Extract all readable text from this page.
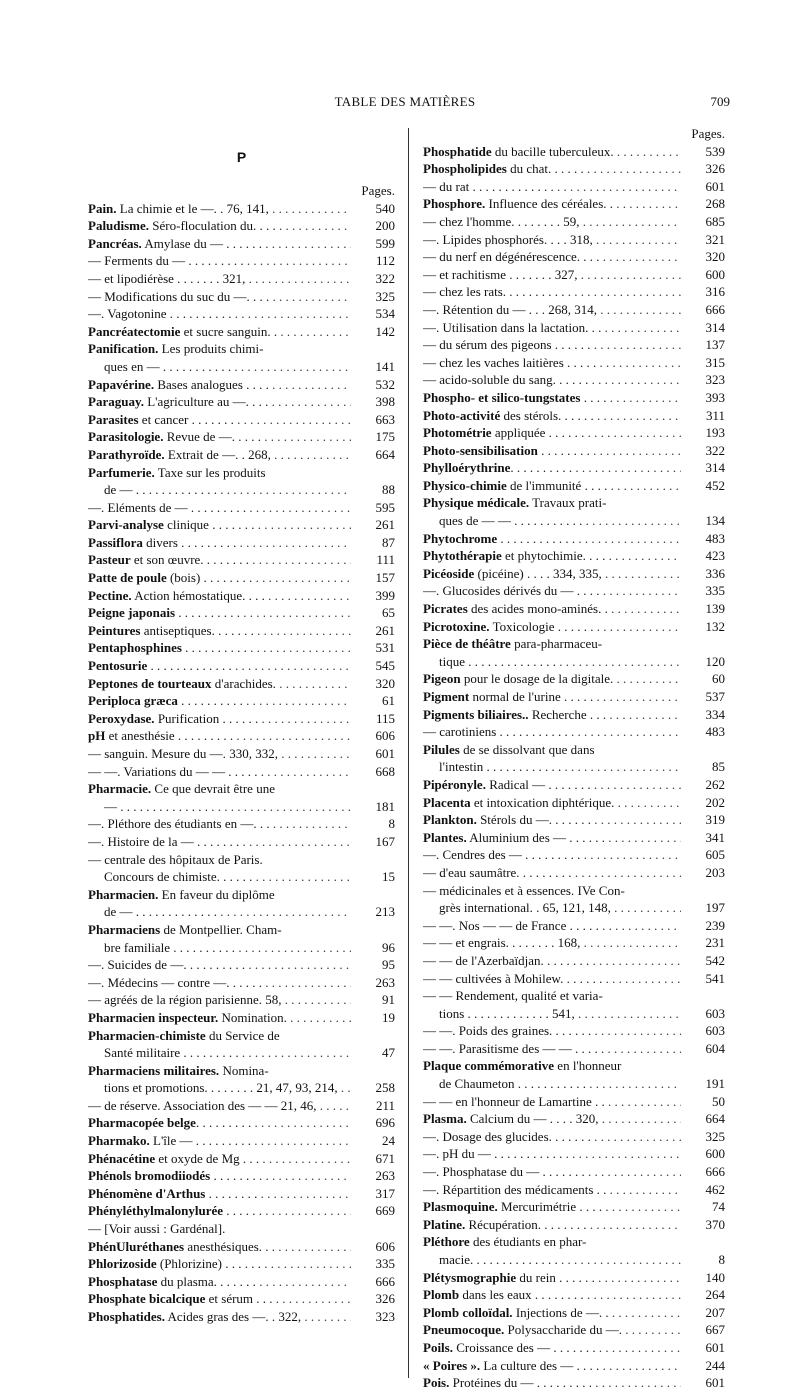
TABLE DES MATIÈRES	709
P
Pages.
Pain. La chimie et le —. . 76, 141, . . .	540
Paludisme. Séro-floculation du. . . . . . .	200
Pancréas. Amylase du — . . . . . . . . .	599
— Ferments du — . . . . . . . . . . . .	112
— et lipodiérèse . . . . . . . 321, . . .	322
— Modifications du suc du —. . . . . . .	325
—. Vagotonine . . . . . . . . . . . . .	534
Pancréatectomie et sucre sanguin. . . . .	142
Panification. Les produits chimi-
ques en — . . . . . . . . . . . . . .	141
Papavérine. Bases analogues . . . . . . .	532
Paraguay. L'agriculture au —. . . . . . .	398
Parasites et cancer . . . . . . . . . .	663
Parasitologie. Revue de —. . . . . . . .	175
Parathyroïde. Extrait de —. . 268, . . .	664
Parfumerie. Taxe sur les produits
de — . . . . . . . . . . . . . . . .	88
—. Eléments de — . . . . . . . . . . . .	595
Parvi-analyse clinique . . . . . . . . . .	261
Passiflora divers . . . . . . . . . . . .	87
Pasteur et son œuvre. . . . . . . . . . .	111
Patte de poule (bois) . . . . . . . . . . .	157
Pectine. Action hémostatique. . . . . . .	399
Peigne japonais . . . . . . . . . . . . .	65
Peintures antiseptiques. . . . . . . . . .	261
Pentaphosphines . . . . . . . . . . . . .	531
Pentosurie . . . . . . . . . . . . . . . .	545
Peptones de tourteaux d'arachides. . . .	320
Periploca græca . . . . . . . . . . . . .	61
Peroxydase. Purification . . . . . . . . .	115
pH et anesthésie . . . . . . . . . . . .	606
— sanguin. Mesure du —. 330, 332, . . .	601
— —. Variations du — — . . . . . . . .	668
Pharmacie. Ce que devrait être une
— . . . . . . . . . . . . . . . . .	181
—. Pléthore des étudiants en —. . . . . .	8
—. Histoire de la — . . . . . . . . . .	167
— centrale des hôpitaux de Paris.
Concours de chimiste. . . . . . . . .	15
Pharmacien. En faveur du diplôme
de — . . . . . . . . . . . . . . . .	213
Pharmaciens de Montpellier. Cham-
bre familiale . . . . . . . . . . . . .	96
—. Suicides de —. . . . . . . . . . . . .	95
—. Médecins — contre —. . . . . . . . .	263
— agréés de la région parisienne. 58, . . .	91
Pharmacien inspecteur. Nomination. . . .	19
Pharmacien-chimiste du Service de
Santé militaire . . . . . . . . . . . .	47
Pharmaciens militaires. Nomina-
tions et promotions. . . . . . . . 21, 47, 93, 214, . . .	258
— de réserve. Association des — — 21, 46, . . .	211
Pharmacopée belge. . . . . . . . . . . .	696
Pharmako. L'île — . . . . . . . . . . . .	24
Phénacétine et oxyde de Mg . . . . . .	671
Phénols bromodiiodés . . . . . . . . . .	263
Phénomène d'Arthus . . . . . . . . . . .	317
Phényléthylmalonylurée . . . . . . . . .	669
— [Voir aussi : Gardénal].
PhénUluréthanes anesthésiques. . . . . .	606
Phlorizoside (Phlorizine) . . . . . . . . .	335
Phosphatase du plasma. . . . . . . . . .	666
Phosphate bicalcique et sérum . . . . . .	326
Phosphatides. Acides gras des —. . 322, . . .	323
Pages.
Phosphatide du bacille tuberculeux. . . .	539
Phospholipides du chat. . . . . . . . .	326
— du rat . . . . . . . . . . . . . . . .	601
Phosphore. Influence des céréales. . . . .	268
— chez l'homme. . . . . . . . 59, . . .	685
—. Lipides phosphorés. . . . 318, . . .	321
— du nerf en dégénérescence. . . . . . .	320
— et rachitisme . . . . . . . 327, . . .	600
— chez les rats. . . . . . . . . . . . .	316
—. Rétention du — . . . 268, 314, . . .	666
—. Utilisation dans la lactation. . . . . .	314
— du sérum des pigeons . . . . . . . . .	137
— chez les vaches laitières . . . . . . . .	315
— acido-soluble du sang. . . . . . . . .	323
Phospho- et silico-tungstates . . . . . . .	393
Photo-activité des stérols. . . . . . . . .	311
Photométrie appliquée . . . . . . . . .	193
Photo-sensibilisation . . . . . . . . . . .	322
Phylloérythrine. . . . . . . . . . . . .	314
Physico-chimie de l'immunité . . . . . . .	452
Physique médicale. Travaux prati-
ques de — — . . . . . . . . . . . . . .	134
Phytochrome . . . . . . . . . . . . . . .	483
Phytothérapie et phytochimie. . . . . . .	423
Picéoside (picéine) . . . . 334, 335, . . .	336
—. Glucosides dérivés du — . . . . . . .	335
Picrates des acides mono-aminés. . . . .	139
Picrotoxine. Toxicologie . . . . . . . . .	132
Pièce de théâtre para-pharmaceu-
tique . . . . . . . . . . . . . . . . .	120
Pigeon pour le dosage de la digitale. . . .	60
Pigment normal de l'urine . . . . . . . .	537
Pigments biliaires.. Recherche . . . . . .	334
— carotiniens . . . . . . . . . . . . . .	483
Pilules de se dissolvant que dans
l'intestin . . . . . . . . . . . . . . .	85
Pipéronyle. Radical — . . . . . . . . . .	262
Placenta et intoxication diphtérique. . . .	202
Plankton. Stérols du —. . . . . . . . . .	319
Plantes. Aluminium des — . . . . . . . . .	341
—. Cendres des — . . . . . . . . . . . .	605
— d'eau saumâtre. . . . . . . . . . . .	203
— médicinales et à essences. IVe Con-
grès international. . 65, 121, 148, . . .	197
— —. Nos — — de France . . . . . . . .	239
— — et engrais. . . . . . . . 168, . . .	231
— — de l'Azerbaïdjan. . . . . . . . . . .	542
— — cultivées à Mohilew. . . . . . . . . .	541
— — Rendement, qualité et varia-
tions . . . . . . . . . . . . . 541, . . .	603
— —. Poids des graines. . . . . . . . . .	603
— —. Parasitisme des — — . . . . . . . .	604
Plaque commémorative en l'honneur
de Chaumeton . . . . . . . . . . . . . .	191
— — en l'honneur de Lamartine . . . . .	50
Plasma. Calcium du — . . . . 320, . . .	664
—. Dosage des glucides. . . . . . . . . .	325
—. pH du — . . . . . . . . . . . . . .	600
—. Phosphatase du — . . . . . . . . . .	666
—. Répartition des médicaments . . . . .	462
Plasmoquine. Mercurimétrie . . . . . . .	74
Platine. Récupération. . . . . . . . . . .	370
Pléthore des étudiants en phar-
macie. . . . . . . . . . . . . . . . .	8
Plétysmographie du rein . . . . . . . . .	140
Plomb dans les eaux . . . . . . . . . . .	264
Plomb colloïdal. Injections de —. . . . .	207
Pneumocoque. Polysaccharide du —. . . .	667
Poils. Croissance des — . . . . . . . . . .	601
« Poires ». La culture des — . . . . . . .	244
Pois. Protéines du — . . . . . . . . . . . .	601
